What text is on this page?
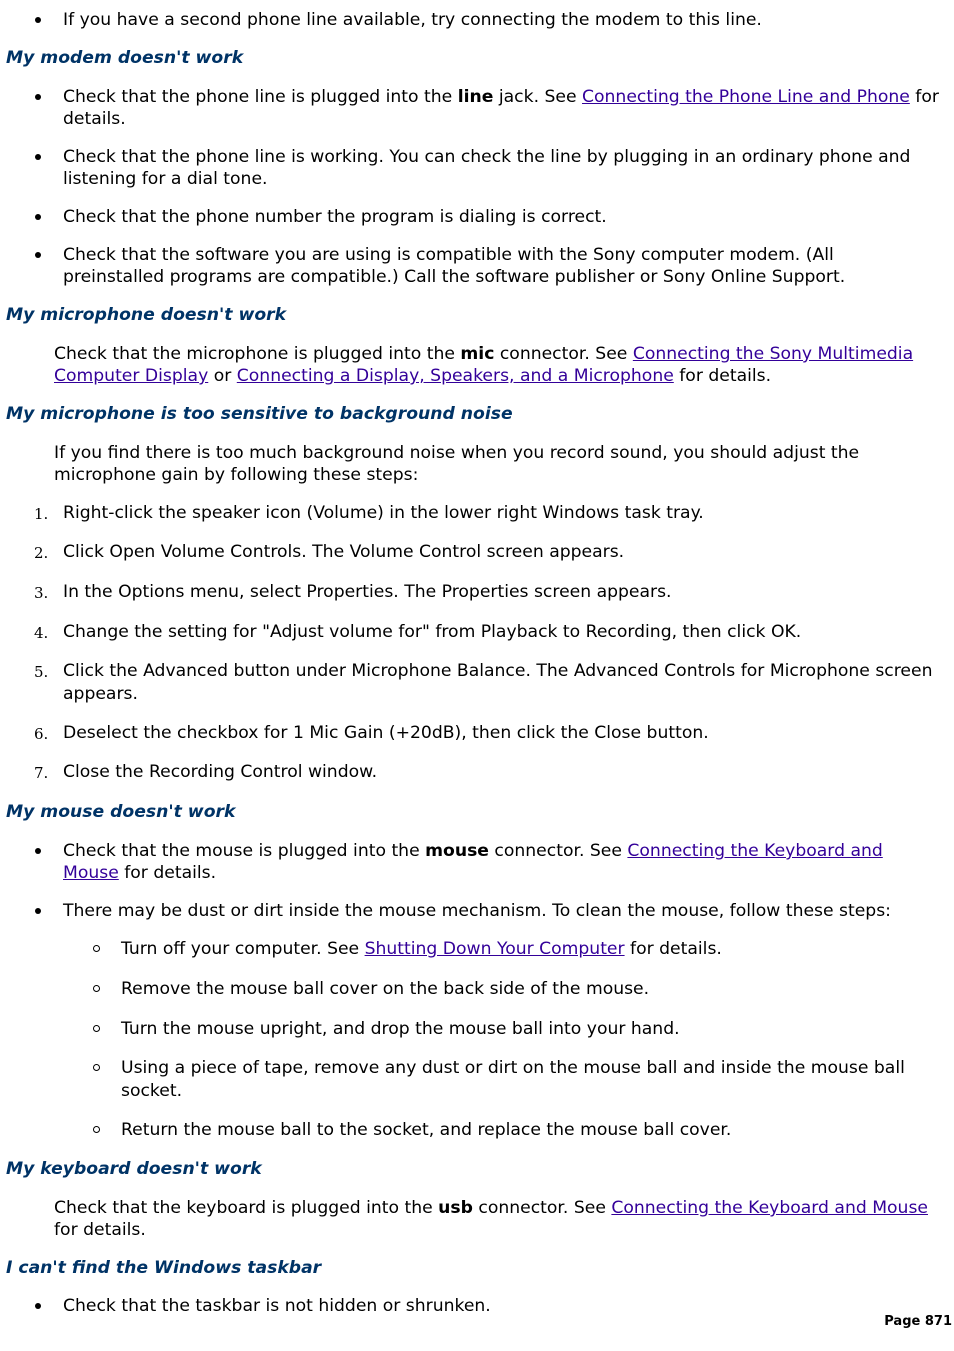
If you have a second phone line available, try connecting the modem to this line.

My modem doesn't work

Check that the phone line is plugged into the line jack. See Connecting the Phone Line and Phone for details.

Check that the phone line is working. You can check the line by plugging in an ordinary phone and listening for a dial tone.

Check that the phone number the program is dialing is correct.

Check that the software you are using is compatible with the Sony computer modem. (All preinstalled programs are compatible.) Call the software publisher or Sony Online Support.

My microphone doesn't work

Check that the microphone is plugged into the mic connector. See Connecting the Sony Multimedia Computer Display or Connecting a Display, Speakers, and a Microphone for details.

My microphone is too sensitive to background noise

If you find there is too much background noise when you record sound, you should adjust the microphone gain by following these steps:

1. Right-click the speaker icon (Volume) in the lower right Windows task tray.

2. Click Open Volume Controls. The Volume Control screen appears.

3. In the Options menu, select Properties. The Properties screen appears.

4. Change the setting for "Adjust volume for" from Playback to Recording, then click OK.

5. Click the Advanced button under Microphone Balance. The Advanced Controls for Microphone screen appears.

6. Deselect the checkbox for 1 Mic Gain (+20dB), then click the Close button.

7. Close the Recording Control window.

My mouse doesn't work

Check that the mouse is plugged into the mouse connector. See Connecting the Keyboard and Mouse for details.

There may be dust or dirt inside the mouse mechanism. To clean the mouse, follow these steps:

Turn off your computer. See Shutting Down Your Computer for details.

Remove the mouse ball cover on the back side of the mouse.

Turn the mouse upright, and drop the mouse ball into your hand.

Using a piece of tape, remove any dust or dirt on the mouse ball and inside the mouse ball socket.

Return the mouse ball to the socket, and replace the mouse ball cover.

My keyboard doesn't work

Check that the keyboard is plugged into the usb connector. See Connecting the Keyboard and Mouse for details.

I can't find the Windows taskbar

Check that the taskbar is not hidden or shrunken.

Page 871
